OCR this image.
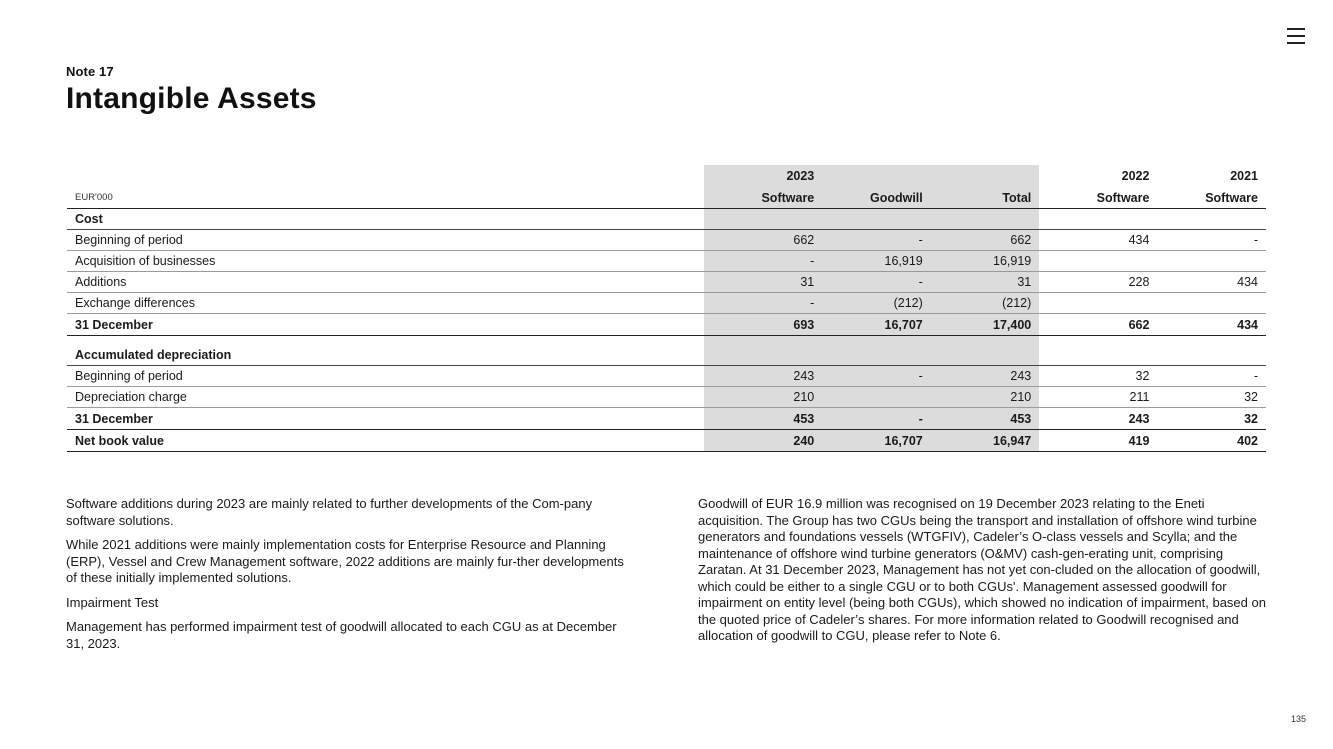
Note 17
Intangible Assets
	2023			2022	2021
EUR'000	Software	Goodwill	Total	Software	Software
Cost					
Beginning of period	662	-	662	434	-
Acquisition of businesses	-	16,919	16,919		
Additions	31	-	31	228	434
Exchange differences	-	(212)	(212)		
31 December	693	16,707	17,400	662	434

Accumulated depreciation					
Beginning of period	243	-	243	32	-
Depreciation charge	210		210	211	32
31 December	453	-	453	243	32
Net book value	240	16,707	16,947	419	402

Software additions during 2023 are mainly related to further developments of the Com-pany software solutions.

While 2021 additions were mainly implementation costs for Enterprise Resource and Planning (ERP), Vessel and Crew Management software, 2022 additions are mainly fur-ther developments of these initially implemented solutions.

Impairment Test

Management has performed impairment test of goodwill allocated to each CGU as at December 31, 2023.

Goodwill of EUR 16.9 million was recognised on 19 December 2023 relating to the Eneti acquisition. The Group has two CGUs being the transport and installation of offshore wind turbine generators and foundations vessels (WTGFIV), Cadeler’s O-class vessels and Scylla; and the maintenance of offshore wind turbine generators (O&MV) cash-gen-erating unit, comprising Zaratan. At 31 December 2023, Management has not yet con-cluded on the allocation of goodwill, which could be either to a single CGU or to both CGUs'. Management assessed goodwill for impairment on entity level (being both CGUs), which showed no indication of impairment, based on the quoted price of Cadeler’s shares. For more information related to Goodwill recognised and allocation of goodwill to CGU, please refer to Note 6.

135
